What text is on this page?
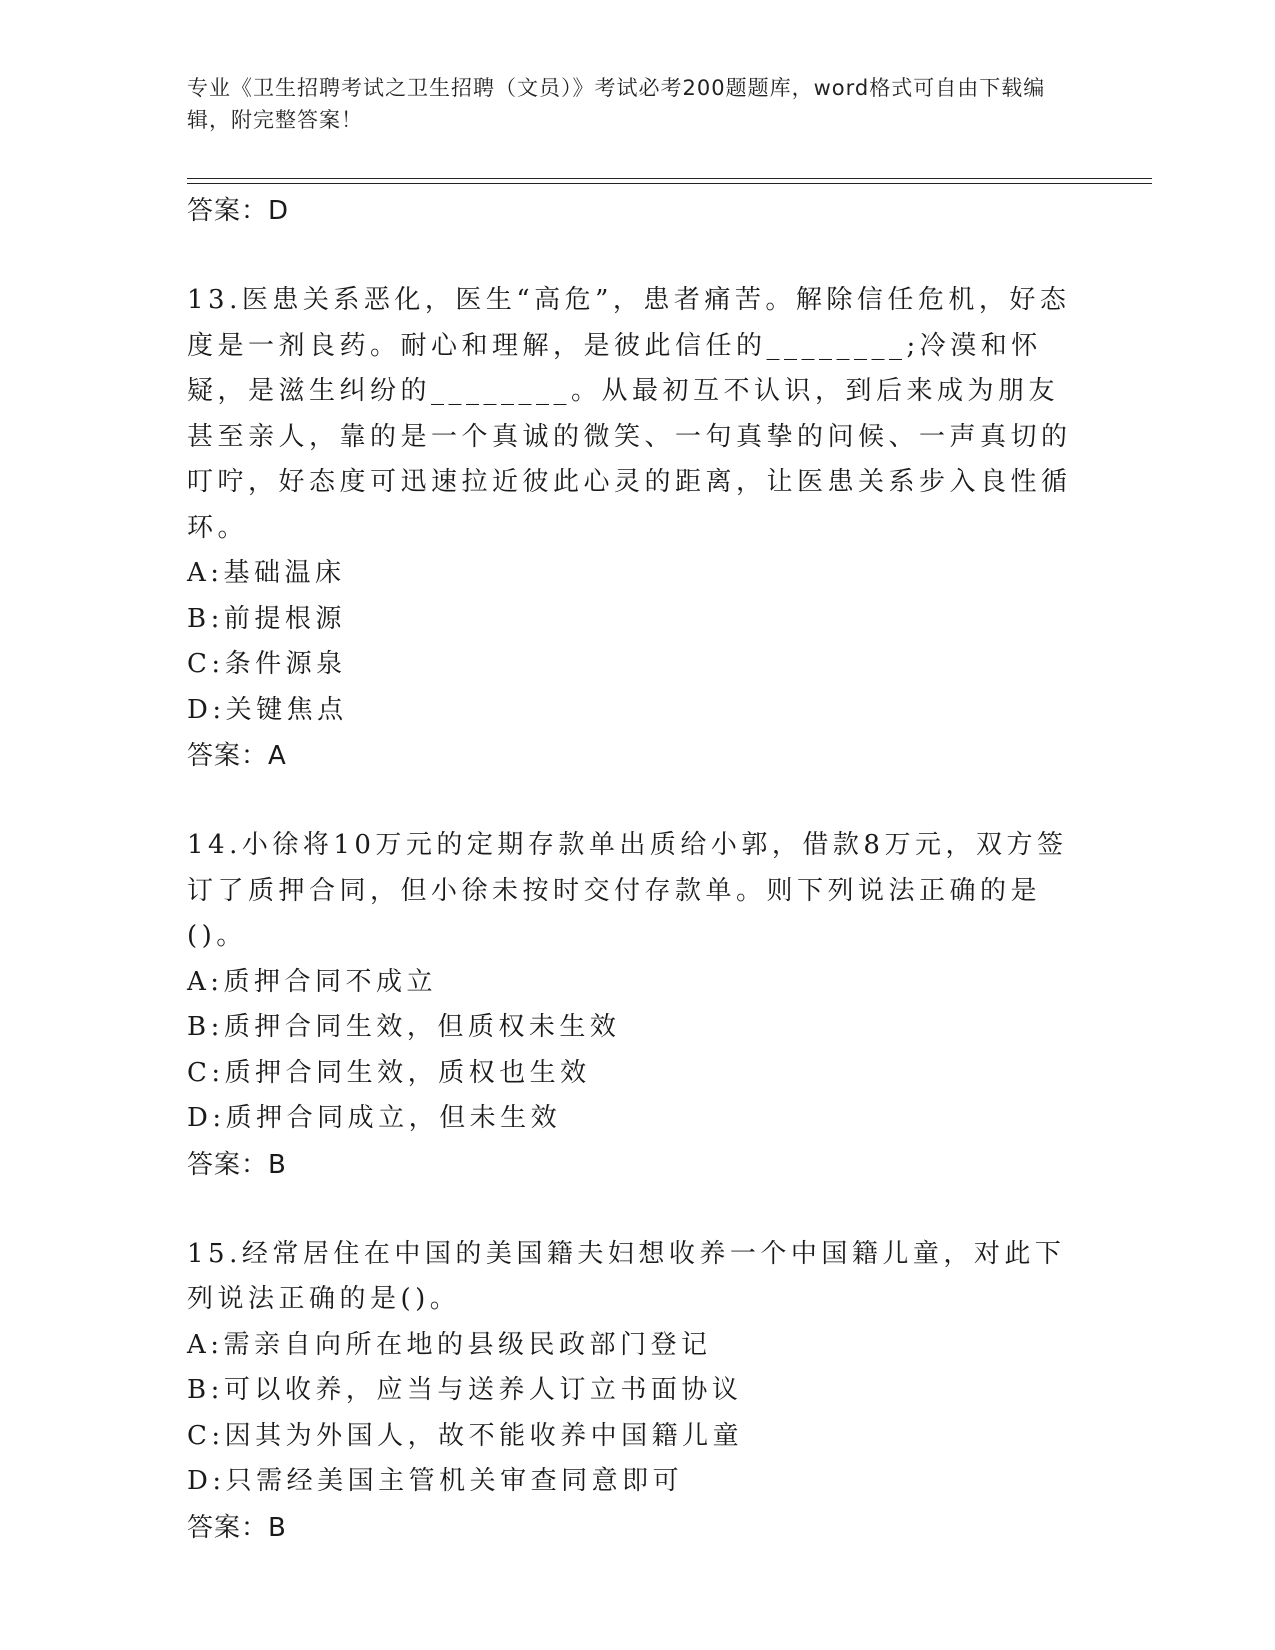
专业《卫生招聘考试之卫生招聘（文员）》考试必考200题题库，word格式可自由下载编辑，附完整答案！

答案：D

13.医患关系恶化，医生“高危”，患者痛苦。解除信任危机，好态度是一剂良药。耐心和理解，是彼此信任的________;冷漠和怀疑，是滋生纠纷的________。从最初互不认识，到后来成为朋友甚至亲人，靠的是一个真诚的微笑、一句真挚的问候、一声真切的叮咛，好态度可迅速拉近彼此心灵的距离，让医患关系步入良性循环。

A:基础温床

B:前提根源

C:条件源泉

D:关键焦点

答案：A

14.小徐将10万元的定期存款单出质给小郭，借款8万元，双方签订了质押合同，但小徐未按时交付存款单。则下列说法正确的是()。

A:质押合同不成立

B:质押合同生效，但质权未生效

C:质押合同生效，质权也生效

D:质押合同成立，但未生效

答案：B

15.经常居住在中国的美国籍夫妇想收养一个中国籍儿童，对此下列说法正确的是()。

A:需亲自向所在地的县级民政部门登记

B:可以收养，应当与送养人订立书面协议

C:因其为外国人，故不能收养中国籍儿童

D:只需经美国主管机关审查同意即可

答案：B
